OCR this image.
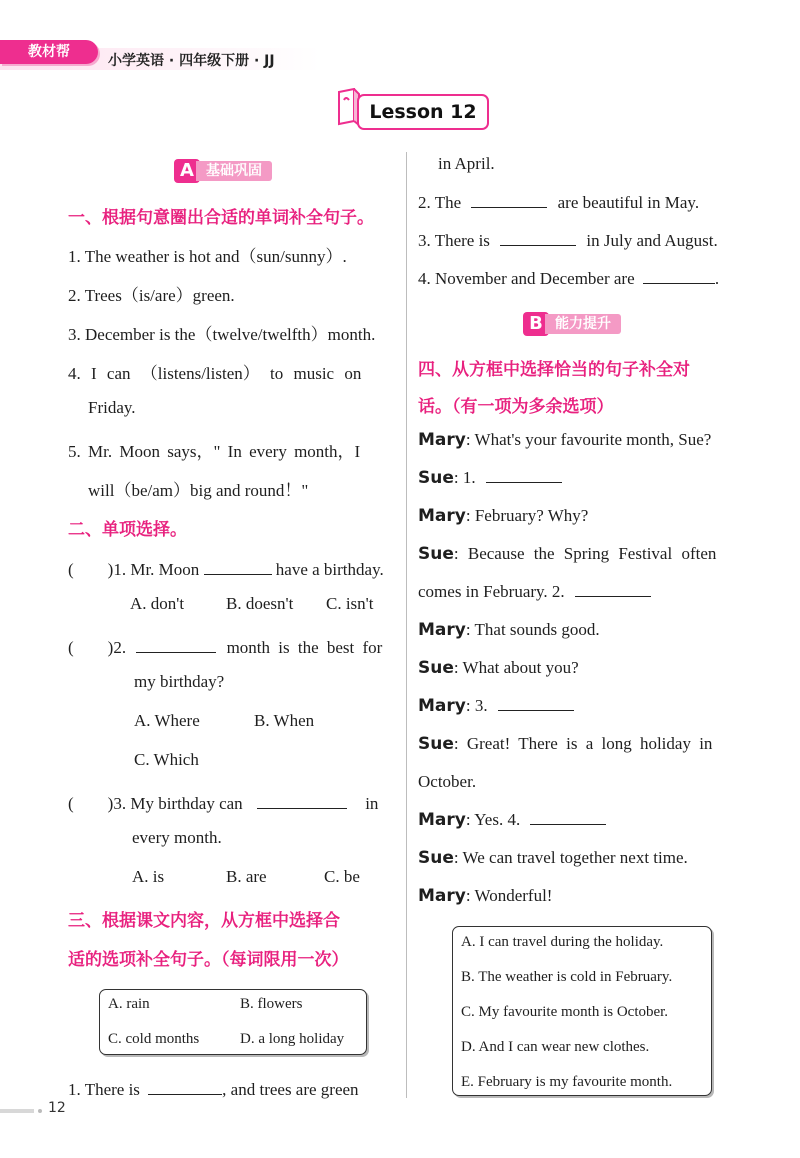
教材帮
小学英语 · 四年级下册 · JJ
Lesson 12
A 基础巩固
一、根据句意圈出合适的单词补全句子。
1. The weather is hot and（sun/sunny）.
2. Trees（is/are）green.
3. December is the（twelve/twelfth）month.
4. I can （listens/listen） to music on
Friday.
5. Mr. Moon says，" In every month，I
will（be/am）big and round！"
二、单项选择。
(　　)1. Mr. Moon	have a birthday.
A. don't B. doesn't C. isn't
(　　)2.	month is the best for
my birthday?
A. Where	B. When
C. Which
(　　)3. My birthday can	in
every month.
A. is	B. are	C. be
三、根据课文内容，从方框中选择合
适的选项补全句子。（每词限用一次）
A. rain	B. flowers
C. cold months	D. a long holiday
1. There is	, and trees are green
in April.
2. The	are beautiful in May.
3. There is	in July and August.
4. November and December are	.
B 能力提升
四、从方框中选择恰当的句子补全对
话。（有一项为多余选项）
Mary: What's your favourite month, Sue?
Sue: 1.
Mary: February? Why?
Sue: Because the Spring Festival often
comes in February. 2.
Mary: That sounds good.
Sue: What about you?
Mary: 3.
Sue: Great! There is a long holiday in
October.
Mary: Yes. 4.
Sue: We can travel together next time.
Mary: Wonderful!
A. I can travel during the holiday.
B. The weather is cold in February.
C. My favourite month is October.
D. And I can wear new clothes.
E. February is my favourite month.
12
